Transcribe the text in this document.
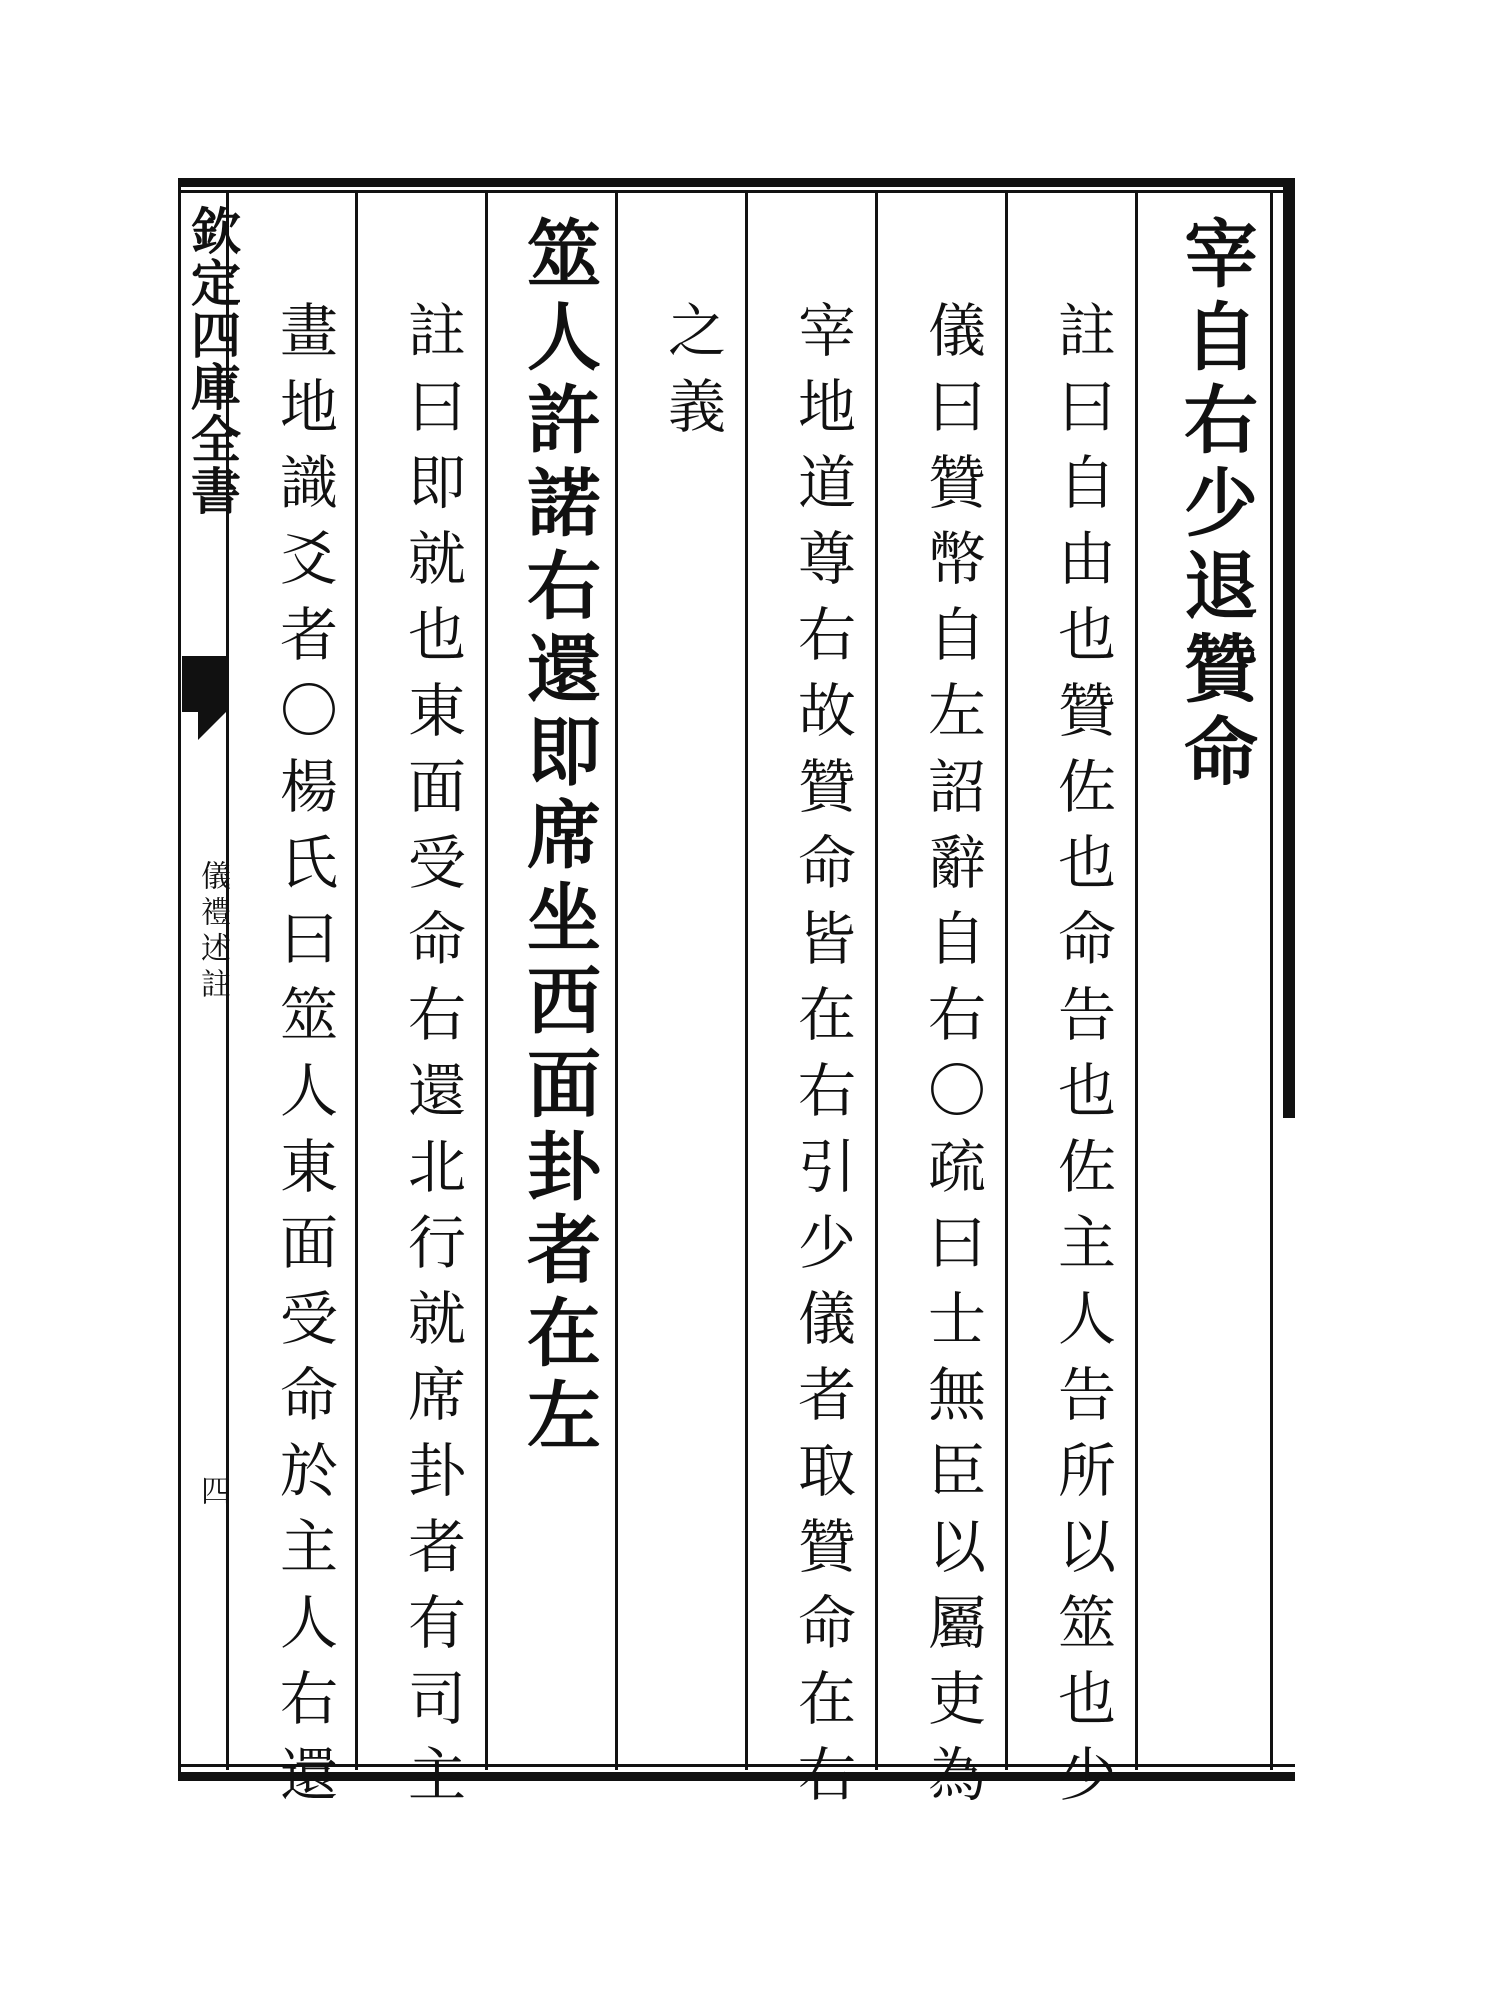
欽定四庫全書
儀禮述註
四
宰自右少退贊命
註曰自由也贊佐也命告也佐主人告所以筮也少
儀曰贊幣自左詔辭自右〇疏曰士無臣以屬吏為
宰地道尊右故贊命皆在右引少儀者取贊命在右
之義
筮人許諾右還即席坐西面卦者在左
註曰即就也東面受命右還北行就席卦者有司主
畫地識爻者〇楊氏曰筮人東面受命於主人右還
